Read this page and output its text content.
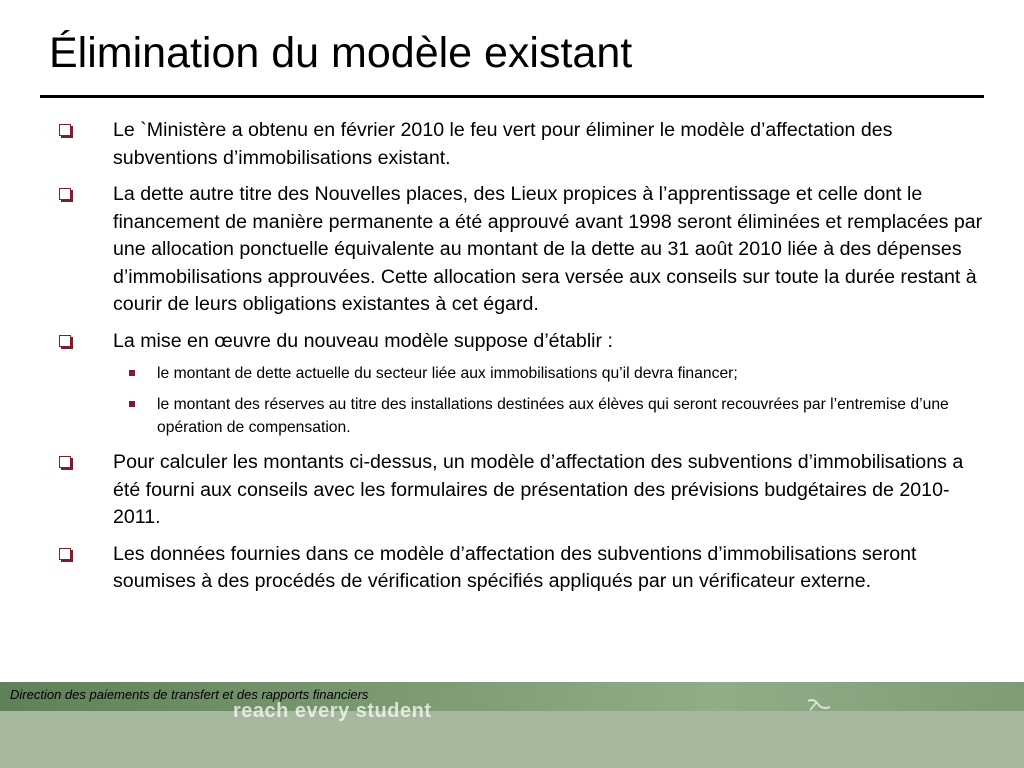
Élimination du modèle existant
Le `Ministère a obtenu en février 2010 le feu vert pour éliminer le modèle d’affectation des subventions d’immobilisations existant.
La dette autre titre des Nouvelles places, des Lieux propices à l’apprentissage et celle dont le financement de manière permanente a été approuvé avant 1998 seront éliminées et remplacées par une allocation ponctuelle équivalente au montant de la dette au 31 août 2010 liée à des dépenses d’immobilisations approuvées. Cette allocation sera versée aux conseils sur toute la durée restant à courir de leurs obligations existantes à cet égard.
La mise en œuvre du nouveau modèle suppose d’établir :
le montant de dette actuelle du secteur liée aux immobilisations qu’il devra financer;
le montant des réserves au titre des installations destinées aux élèves qui seront recouvrées par l’entremise d’une opération de compensation.
Pour calculer les montants ci-dessus, un modèle d’affectation des subventions d’immobilisations a été fourni aux conseils avec les formulaires de présentation des prévisions budgétaires de 2010-2011.
Les données fournies dans ce modèle d’affectation des subventions d’immobilisations seront soumises à des procédés de vérification spécifiés appliqués par un vérificateur externe.
reach every student
Direction des paiements de transfert et des rapports financiers
